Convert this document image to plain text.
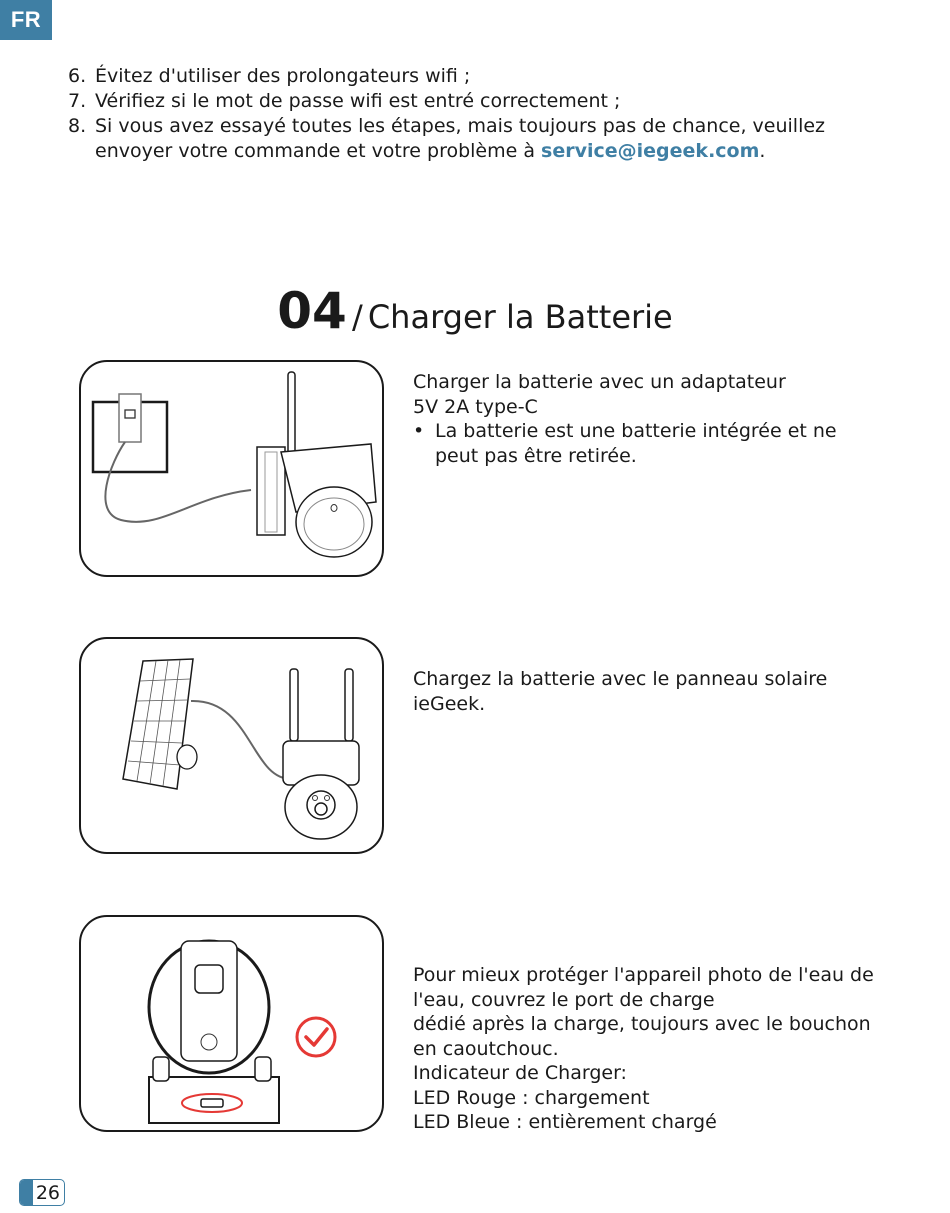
FR
6. Évitez d'utiliser des prolongateurs wifi ;
7. Vérifiez si le mot de passe wifi est entré correctement ;
8. Si vous avez essayé toutes les étapes, mais toujours pas de chance, veuillez envoyer votre commande et votre problème à service@iegeek.com.
04 / Charger la Batterie

Charger la batterie avec un adaptateur

5V 2A type-C

• La batterie est une batterie intégrée et ne peut pas être retirée.

Chargez la batterie avec le panneau solaire ieGeek.

Pour mieux protéger l'appareil photo de l'eau de l'eau, couvrez le port de charge

dédié après la charge, toujours avec le bouchon en caoutchouc.

Indicateur de Charger:

LED Rouge : chargement

LED Bleue : entièrement chargé

26
